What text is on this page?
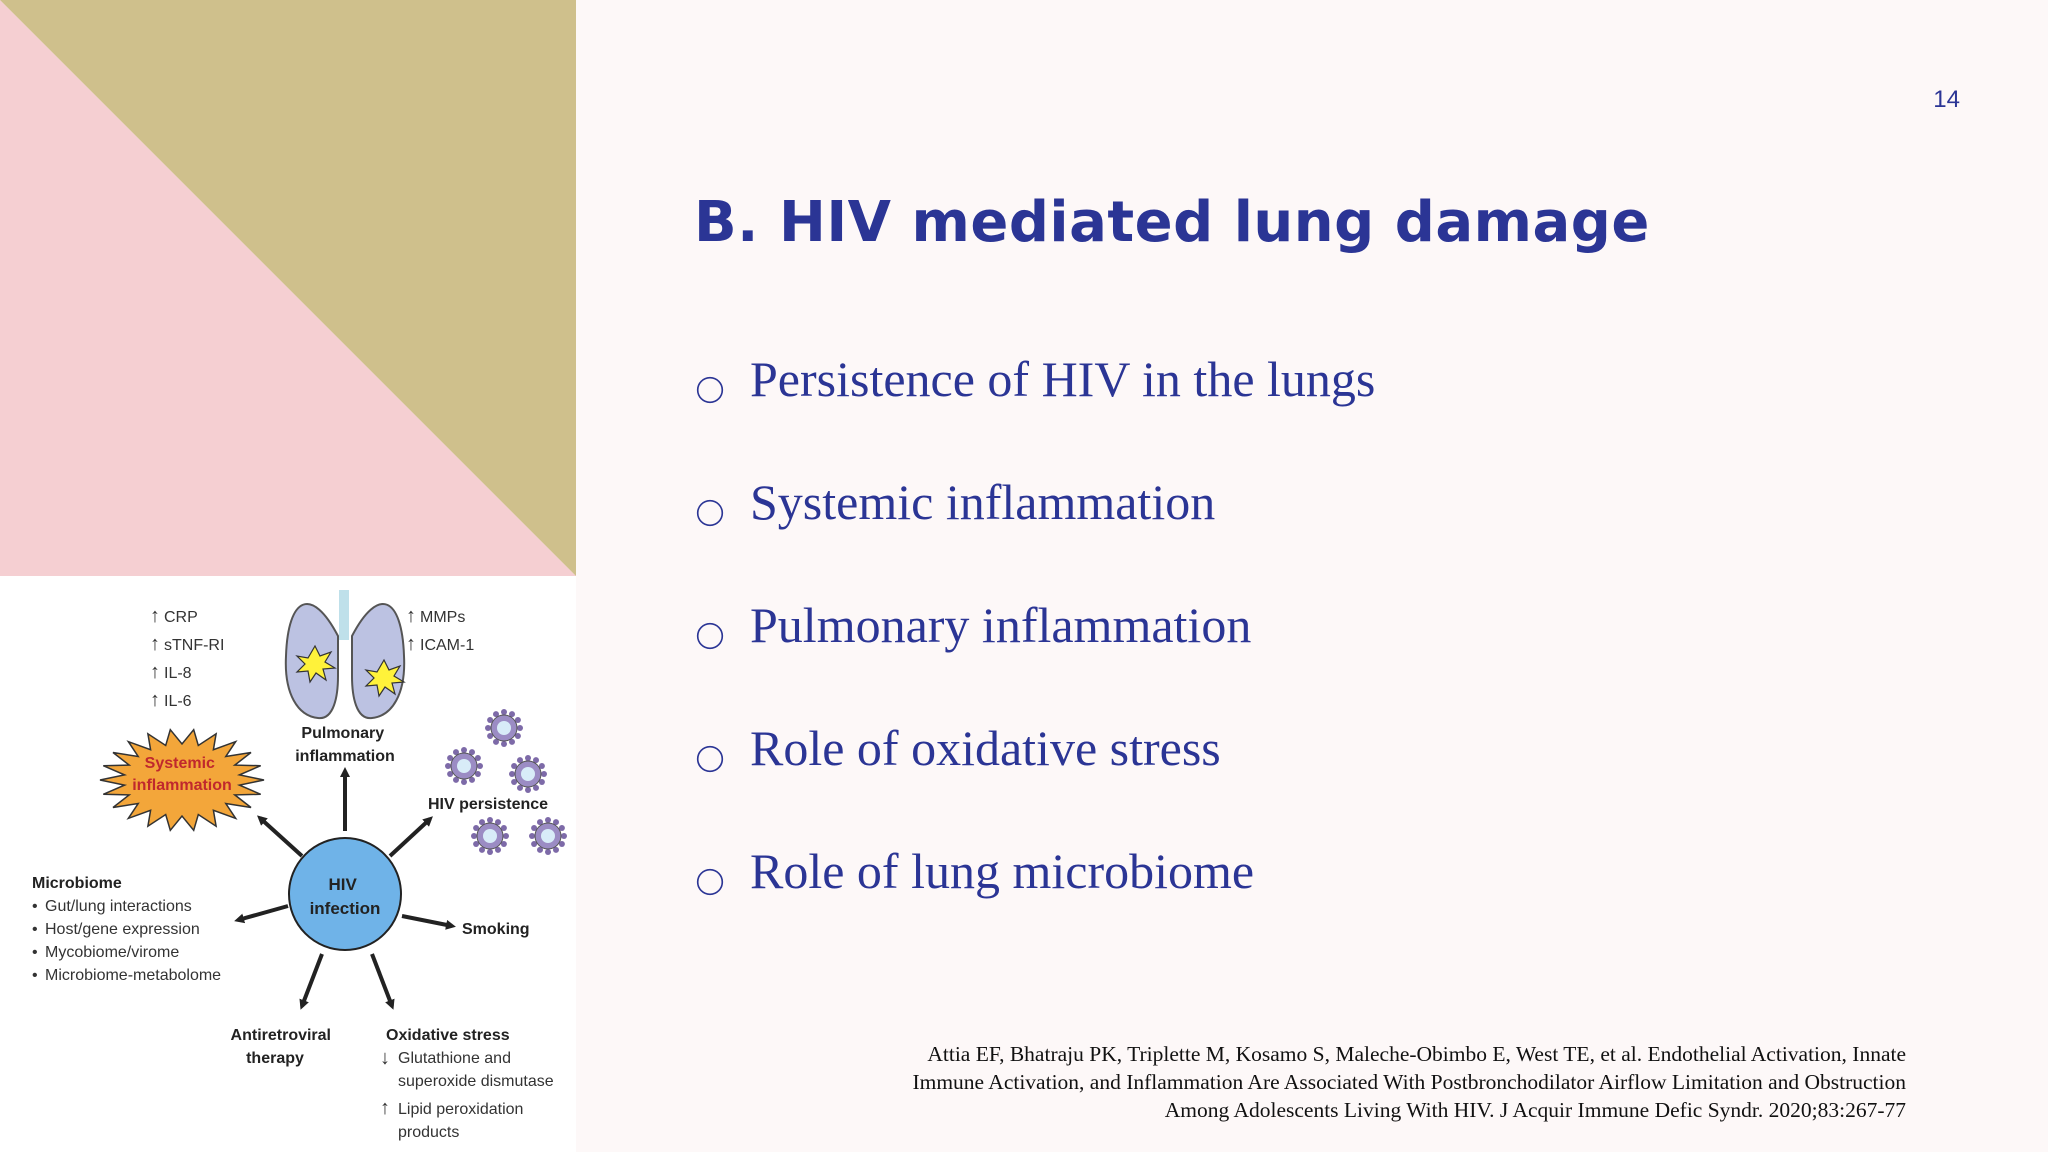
HIV infection
Pulmonary inflammation
↑ MMPs
↑ ICAM-1
↑ CRP
↑ sTNF-RI
↑ IL-8
↑ IL-6
Systemic inflammation
HIV persistence
Smoking
Microbiome
• Gut/lung interactions
• Host/gene expression
• Mycobiome/virome
• Microbiome-metabolome
Antiretroviral therapy
Oxidative stress
↓ Glutathione and
superoxide dismutase
↑ Lipid peroxidation
products
14
B. HIV mediated lung damage
Persistence of HIV in the lungs
Systemic inflammation
Pulmonary inflammation
Role of oxidative stress
Role of lung microbiome
Attia EF, Bhatraju PK, Triplette M, Kosamo S, Maleche-Obimbo E, West TE, et al. Endothelial Activation, Innate
Immune Activation, and Inflammation Are Associated With Postbronchodilator Airflow Limitation and Obstruction
Among Adolescents Living With HIV. J Acquir Immune Defic Syndr. 2020;83:267-77
